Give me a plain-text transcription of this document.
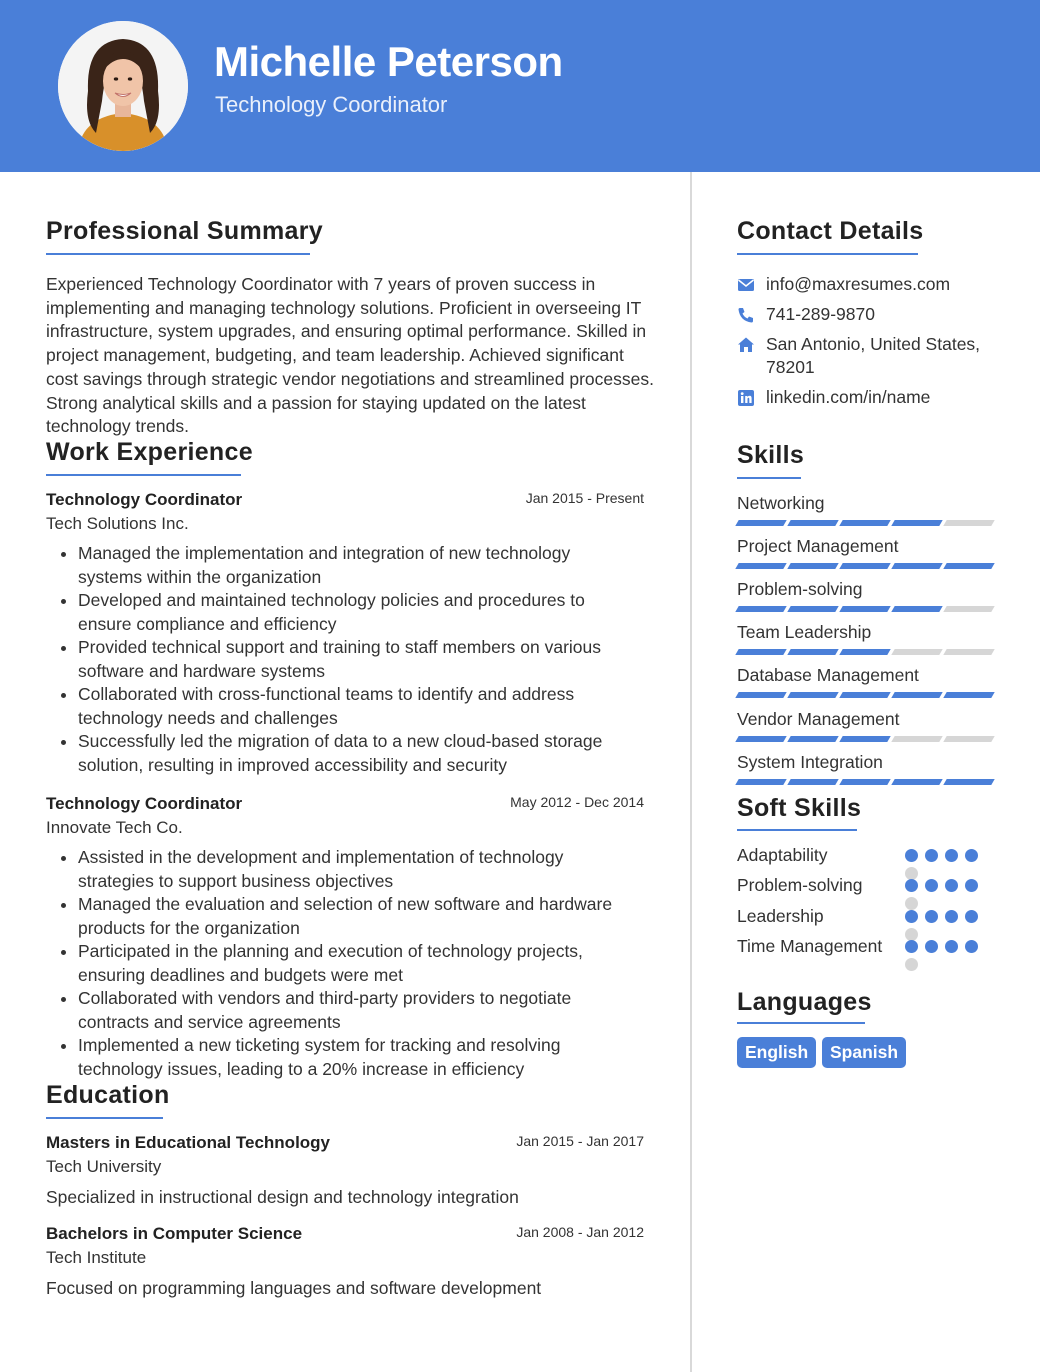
Michelle Peterson
Technology Coordinator
Professional Summary
Experienced Technology Coordinator with 7 years of proven success in implementing and managing technology solutions. Proficient in overseeing IT infrastructure, system upgrades, and ensuring optimal performance. Skilled in project management, budgeting, and team leadership. Achieved significant cost savings through strategic vendor negotiations and streamlined processes. Strong analytical skills and a passion for staying updated on the latest technology trends.
Work Experience
Technology Coordinator	Jan 2015 - Present
Tech Solutions Inc.
• Managed the implementation and integration of new technology systems within the organization
• Developed and maintained technology policies and procedures to ensure compliance and efficiency
• Provided technical support and training to staff members on various software and hardware systems
• Collaborated with cross-functional teams to identify and address technology needs and challenges
• Successfully led the migration of data to a new cloud-based storage solution, resulting in improved accessibility and security
Technology Coordinator	May 2012 - Dec 2014
Innovate Tech Co.
• Assisted in the development and implementation of technology strategies to support business objectives
• Managed the evaluation and selection of new software and hardware products for the organization
• Participated in the planning and execution of technology projects, ensuring deadlines and budgets were met
• Collaborated with vendors and third-party providers to negotiate contracts and service agreements
• Implemented a new ticketing system for tracking and resolving technology issues, leading to a 20% increase in efficiency
Education
Masters in Educational Technology	Jan 2015 - Jan 2017
Tech University
Specialized in instructional design and technology integration
Bachelors in Computer Science	Jan 2008 - Jan 2012
Tech Institute
Focused on programming languages and software development
Contact Details
info@maxresumes.com
741-289-9870
San Antonio, United States, 78201
linkedin.com/in/name
Skills
Networking
Project Management
Problem-solving
Team Leadership
Database Management
Vendor Management
System Integration
Soft Skills
Adaptability
Problem-solving
Leadership
Time Management
Languages
English	Spanish
